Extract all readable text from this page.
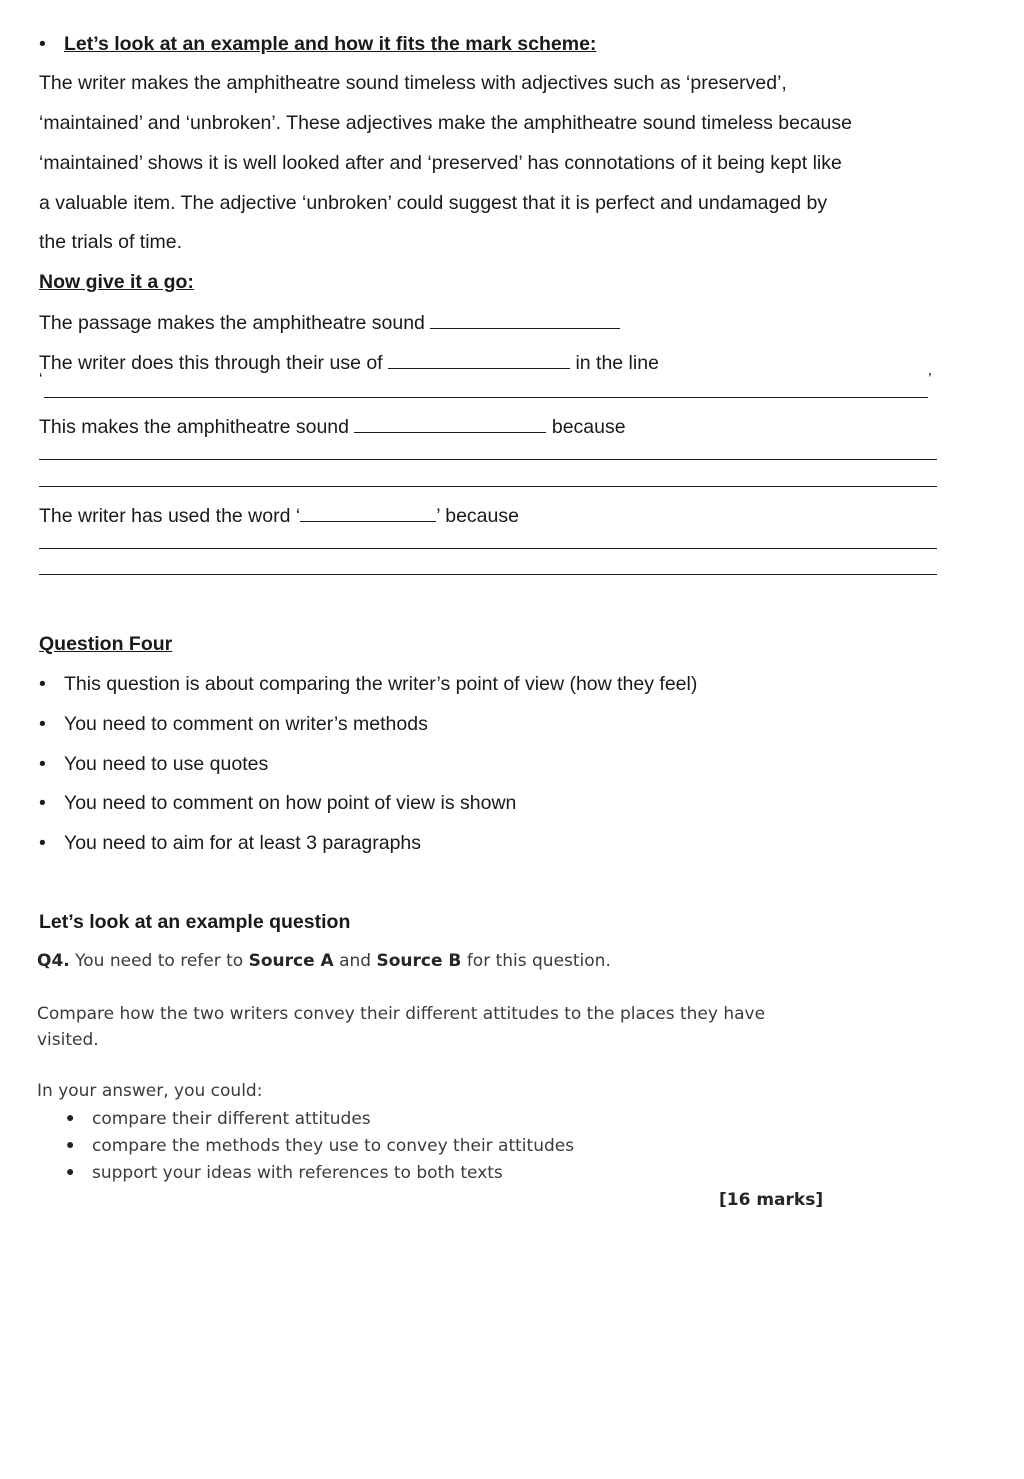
• Let’s look at an example and how it fits the mark scheme:
The writer makes the amphitheatre sound timeless with adjectives such as ‘preserved’,
‘maintained’ and ‘unbroken’. These adjectives make the amphitheatre sound timeless because
‘maintained’ shows it is well looked after and ‘preserved’ has connotations of it being kept like
a valuable item. The adjective ‘unbroken’ could suggest that it is perfect and undamaged by
the trials of time.
Now give it a go:
The passage makes the amphitheatre sound
The writer does this through their use of	in the line
‘	’
This makes the amphitheatre sound	because
The writer has used the word ‘	’ because
Question Four
• This question is about comparing the writer’s point of view (how they feel)
• You need to comment on writer’s methods
• You need to use quotes
• You need to comment on how point of view is shown
• You need to aim for at least 3 paragraphs
Let’s look at an example question
Q4. You need to refer to Source A and Source B for this question.
Compare how the two writers convey their different attitudes to the places they have
visited.
In your answer, you could:
● compare their different attitudes
● compare the methods they use to convey their attitudes
● support your ideas with references to both texts
[16 marks]
